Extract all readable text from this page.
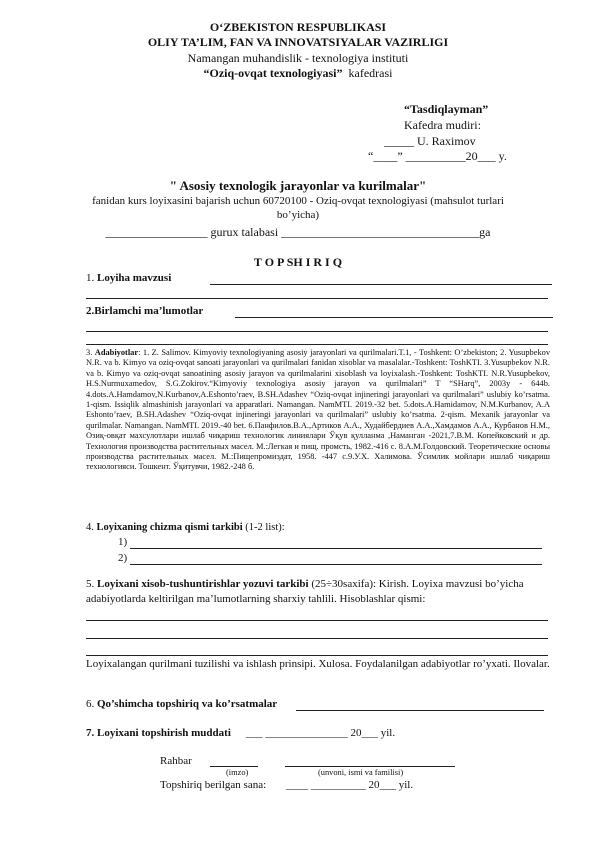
O‘ZBEKISTON RESPUBLIKASI
OLIY TA’LIM, FAN VA INNOVATSIYALAR VAZIRLIGI
Namangan muhandislik - texnologiya instituti
“Oziq-ovqat texnologiyasi” kafedrasi
“Tasdiqlayman”
Kafedra mudiri:
_____ U. Raximov
“____” __________20___ y.
" Asosiy texnologik jarayonlar va kurilmalar"
fanidan kurs loyixasini bajarish uchun 60720100 - Oziq-ovqat texnologiyasi (mahsulot turlari
bo’yicha)
_________________ gurux talabasi _________________________________ga
T O P SH I R I Q
1. Loyiha mavzusi
2.Birlamchi ma’lumotlar

3. Adabiyotlar: 1. Z. Salimov. Kimyoviy texnologiyaning asosiy jarayonlari va qurilmalari.T.1, - Toshkent: O’zbekiston; 2. Yusupbekov N.R. va b. Kimyo va oziq-ovqat sanoati jarayonlari va qurilmalari fanidan xisoblar va masalalar.-Toshkent: ToshKTI. 3.Yusupbekov N.R. va b. Kimyo va oziq-ovqat sanoatining asosiy jarayon va qurilmalarini xisoblash va loyixalash.-Toshkent: ToshKTI. N.R.Yusupbekov, H.S.Nurmuxamedov, S.G.Zokirov.“Kimyoviy texnologiya asosiy jarayon va qurilmalari” T “SHarq”, 2003y - 644b. 4.dots.A.Hamdamov,N.Kurbanov,A.Eshonto’raev, B.SH.Adashev “Oziq-ovqat injineringi jarayonlari va qurilmalari” uslubiy ko’rsatma. 1-qism. Issiqlik almashinish jarayonlari va apparatlari. Namangan. NamMTI. 2019.-32 bet. 5.dots.A.Hamidamov, N.M.Kurbanov, A.A Eshonto’raev, B.SH.Adashev “Oziq-ovqat injineringi jarayonlari va qurilmalari” uslubiy ko’rsatma. 2-qism. Mexanik jarayonlar va qurilmalar. Namangan. NamMTI. 2019.-40 bet. 6.Панфилов.В.А.,Артиков А.А., Худайбердиев А.А.,Хамдамов А.А., Курбанов Н.М., Озиқ-овқат махсулотлари ишлаб чиқариш технологик линиялари Ўқув қулланма ,Наманган -2021,7.В.М. Копейковский и др. Технология производства растительных масел. М.:Легкая и пищ. промсть, 1982.-416 с. 8.А.М.Голдовский. Теоретические основы производства растительных масел. М.:Пищепромиздат, 1958. -447 с.9.У.Х. Халимова. Ўсимлик мойлари ишлаб чиқариш технологияси. Тошкент. Ўқитувчи, 1982.-248 б.

4. Loyixaning chizma qismi tarkibi (1-2 list):
1)
2)
5. Loyixani xisob-tushuntirishlar yozuvi tarkibi (25÷30saxifa): Kirish. Loyixa mavzusi bo’yicha adabiyotlarda keltirilgan ma’lumotlarning sharxiy tahlili. Hisoblashlar qismi:
Loyixalangan qurilmani tuzilishi va ishlash prinsipi. Xulosa. Foydalanilgan adabiyotlar ro’yxati. Ilovalar.
6. Qo’shimcha topshiriq va ko’rsatmalar
7. Loyixani topshirish muddati ___ _______________ 20___ yil.
Rahbar
(imzo)	(unvoni, ismi va familisi)
Topshiriq berilgan sana: ____ __________ 20___ yil.
